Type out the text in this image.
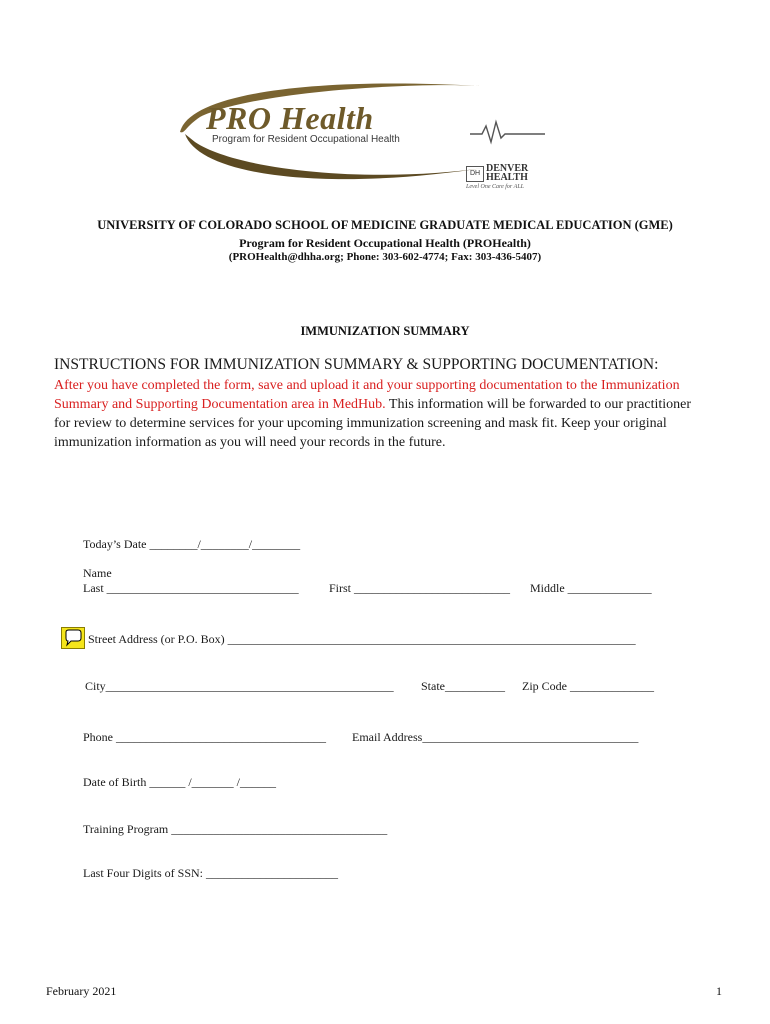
PRO Health
Program for Resident Occupational Health
DH DENVER HEALTH
Level One Care for ALL
UNIVERSITY OF COLORADO SCHOOL OF MEDICINE GRADUATE MEDICAL EDUCATION (GME)
Program for Resident Occupational Health (PROHealth)
(PROHealth@dhha.org; Phone: 303-602-4774; Fax: 303-436-5407)
IMMUNIZATION SUMMARY
INSTRUCTIONS FOR IMMUNIZATION SUMMARY & SUPPORTING DOCUMENTATION:
After you have completed the form, save and upload it and your supporting documentation to the Immunization Summary and Supporting Documentation area in MedHub. This information will be forwarded to our practitioner for review to determine services for your upcoming immunization screening and mask fit. Keep your original immunization information as you will need your records in the future.
Today’s Date ________/________/________
Name
Last ________________________________	First __________________________ Middle ______________
Street Address (or P.O. Box) ____________________________________________________________________
City________________________________________________ State__________ Zip Code ______________
Phone ___________________________________ Email Address____________________________________
Date of Birth ______ /_______ /______
Training Program ____________________________________
Last Four Digits of SSN: ______________________
February 2021	1
